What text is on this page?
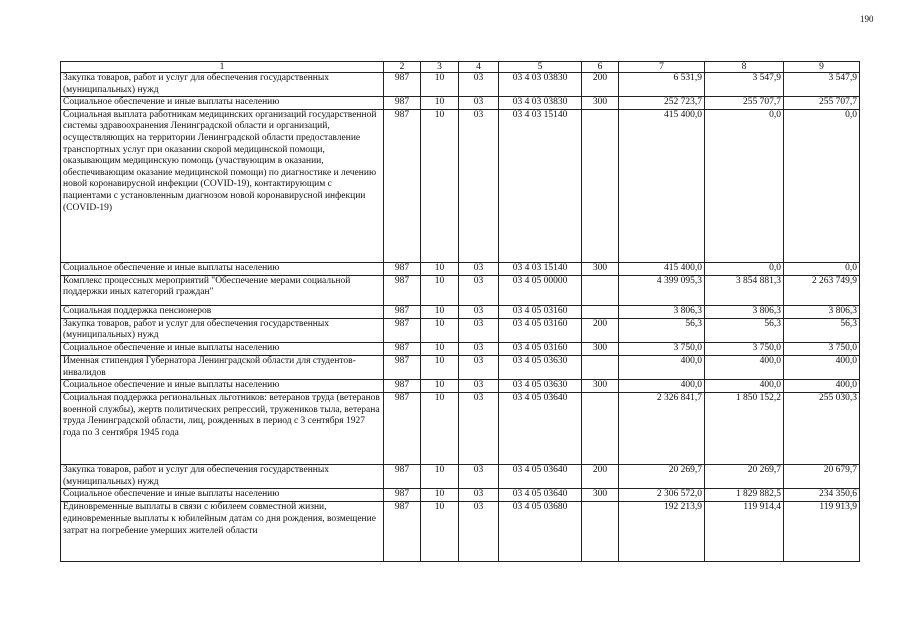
190
1	2	3	4	5	6	7	8	9
Закупка товаров, работ и услуг для обеспечения государственных (муниципальных) нужд	987	10	03	03 4 03 03830	200	6 531,9	3 547,9	3 547,9
Социальное обеспечение и иные выплаты населению	987	10	03	03 4 03 03830	300	252 723,7	255 707,7	255 707,7
Социальная выплата работникам медицинских организаций государственной системы здравоохранения Ленинградской области и организаций, осуществляющих на территории Ленинградской области предоставление транспортных услуг при оказании скорой медицинской помощи, оказывающим медицинскую помощь (участвующим в оказании, обеспечивающим оказание медицинской помощи) по диагностике и лечению новой коронавирусной инфекции (COVID-19), контактирующим с пациентами с установленным диагнозом новой коронавирусной инфекции (COVID-19)	987	10	03	03 4 03 15140		415 400,0	0,0	0,0
Социальное обеспечение и иные выплаты населению	987	10	03	03 4 03 15140	300	415 400,0	0,0	0,0
Комплекс процессных мероприятий "Обеспечение мерами социальной поддержки иных категорий граждан"	987	10	03	03 4 05 00000		4 399 095,3	3 854 881,3	2 263 749,9
Социальная поддержка пенсионеров	987	10	03	03 4 05 03160		3 806,3	3 806,3	3 806,3
Закупка товаров, работ и услуг для обеспечения государственных (муниципальных) нужд	987	10	03	03 4 05 03160	200	56,3	56,3	56,3
Социальное обеспечение и иные выплаты населению	987	10	03	03 4 05 03160	300	3 750,0	3 750,0	3 750,0
Именная стипендия Губернатора Ленинградской области для студентов-инвалидов	987	10	03	03 4 05 03630		400,0	400,0	400,0
Социальное обеспечение и иные выплаты населению	987	10	03	03 4 05 03630	300	400,0	400,0	400,0
Социальная поддержка региональных льготников: ветеранов труда (ветеранов военной службы), жертв политических репрессий, тружеников тыла, ветерана труда Ленинградской области, лиц, рожденных в период с 3 сентября 1927 года по 3 сентября 1945 года	987	10	03	03 4 05 03640		2 326 841,7	1 850 152,2	255 030,3
Закупка товаров, работ и услуг для обеспечения государственных (муниципальных) нужд	987	10	03	03 4 05 03640	200	20 269,7	20 269,7	20 679,7
Социальное обеспечение и иные выплаты населению	987	10	03	03 4 05 03640	300	2 306 572,0	1 829 882,5	234 350,6
Единовременные выплаты в связи с юбилеем совместной жизни, единовременные выплаты к юбилейным датам со дня рождения, возмещение затрат на погребение умерших жителей области	987	10	03	03 4 05 03680		192 213,9	119 914,4	119 913,9
